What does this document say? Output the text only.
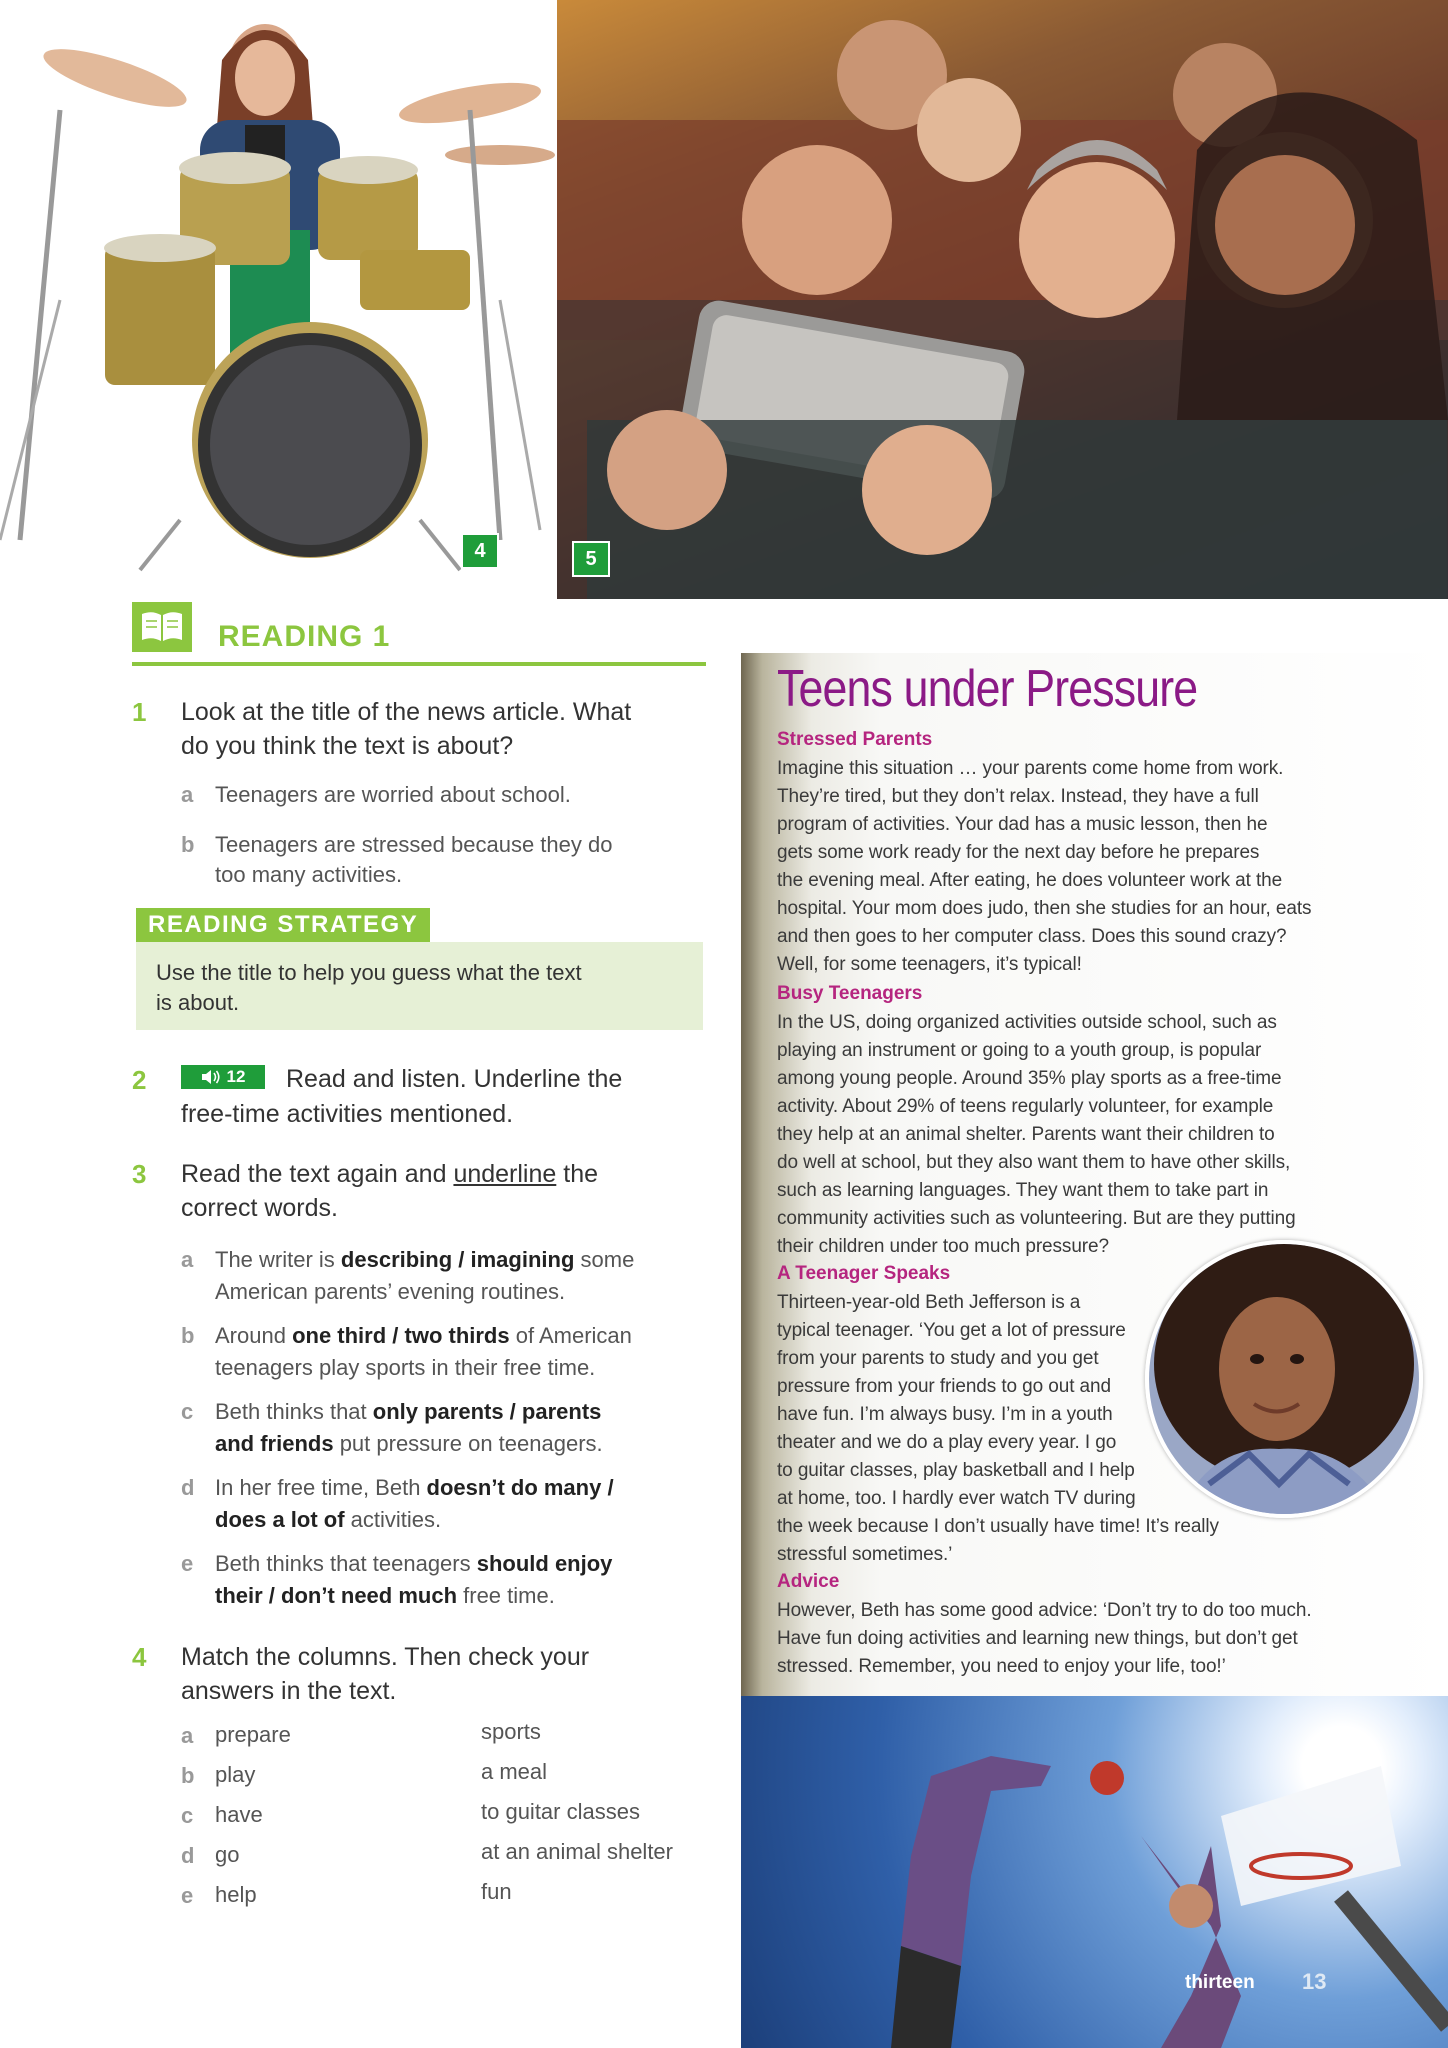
4	5
READING 1
1 Look at the title of the news article. What
do you think the text is about?
a Teenagers are worried about school.
b Teenagers are stressed because they do
too many activities.
READING STRATEGY
Use the title to help you guess what the text
is about.
2	12 Read and listen. Underline the
free-time activities mentioned.
3 Read the text again and underline the
correct words.
a The writer is describing / imagining some
American parents’ evening routines.
b Around one third / two thirds of American
teenagers play sports in their free time.
c Beth thinks that only parents / parents
and friends put pressure on teenagers.
d In her free time, Beth doesn’t do many /
does a lot of activities.
e Beth thinks that teenagers should enjoy
their / don’t need much free time.
4 Match the columns. Then check your
answers in the text.
a prepare	sports
b play	a meal
c have	to guitar classes
d go	at an animal shelter
e help	fun
Teens under Pressure
Stressed Parents
Imagine this situation … your parents come home from work.
They’re tired, but they don’t relax. Instead, they have a full
program of activities. Your dad has a music lesson, then he
gets some work ready for the next day before he prepares
the evening meal. After eating, he does volunteer work at the
hospital. Your mom does judo, then she studies for an hour, eats
and then goes to her computer class. Does this sound crazy?
Well, for some teenagers, it’s typical!
Busy Teenagers
In the US, doing organized activities outside school, such as
playing an instrument or going to a youth group, is popular
among young people. Around 35% play sports as a free-time
activity. About 29% of teens regularly volunteer, for example
they help at an animal shelter. Parents want their children to
do well at school, but they also want them to have other skills,
such as learning languages. They want them to take part in
community activities such as volunteering. But are they putting
their children under too much pressure?
A Teenager Speaks
Thirteen-year-old Beth Jefferson is a
typical teenager. ‘You get a lot of pressure
from your parents to study and you get
pressure from your friends to go out and
have fun. I’m always busy. I’m in a youth
theater and we do a play every year. I go
to guitar classes, play basketball and I help
at home, too. I hardly ever watch TV during
the week because I don’t usually have time! It’s really
stressful sometimes.’
Advice
However, Beth has some good advice: ‘Don’t try to do too much.
Have fun doing activities and learning new things, but don’t get
stressed. Remember, you need to enjoy your life, too!’
thirteen 13
